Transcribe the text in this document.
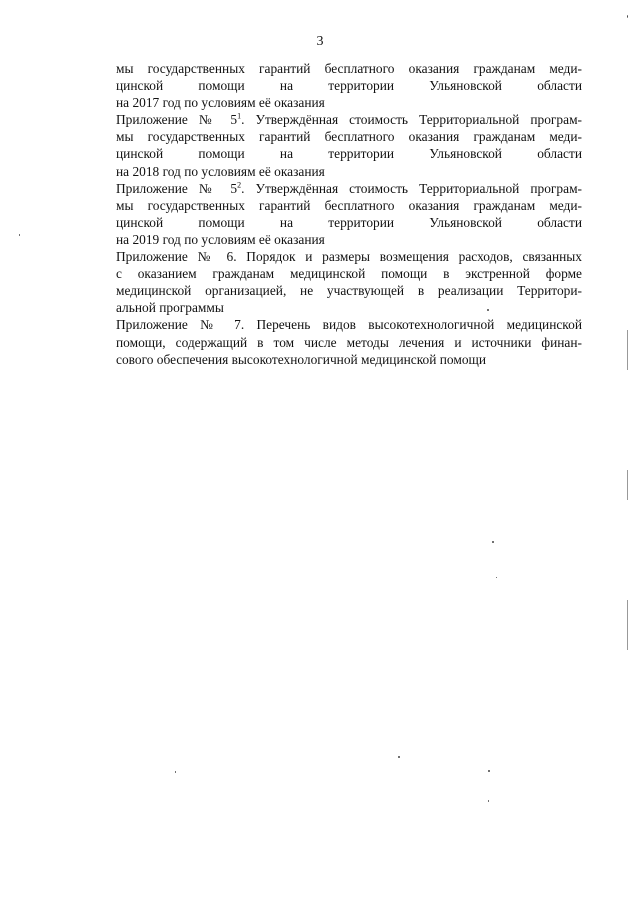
3
мы государственных гарантий бесплатного оказания гражданам меди-
цинской помощи на территории Ульяновской области
на 2017 год по условиям её оказания
Приложение № $5^1$. Утверждённая стоимость Территориальной програм-
мы государственных гарантий бесплатного оказания гражданам меди-
цинской помощи на территории Ульяновской области
на 2018 год по условиям её оказания
Приложение № $5^2$. Утверждённая стоимость Территориальной програм-
мы государственных гарантий бесплатного оказания гражданам меди-
цинской помощи на территории Ульяновской области
на 2019 год по условиям её оказания
Приложение № 6. Порядок и размеры возмещения расходов, связанных
с оказанием гражданам медицинской помощи в экстренной форме
медицинской организацией, не участвующей в реализации Территори-
альной программы
Приложение № 7. Перечень видов высокотехнологичной медицинской
помощи, содержащий в том числе методы лечения и источники финан-
сового обеспечения высокотехнологичной медицинской помощи
